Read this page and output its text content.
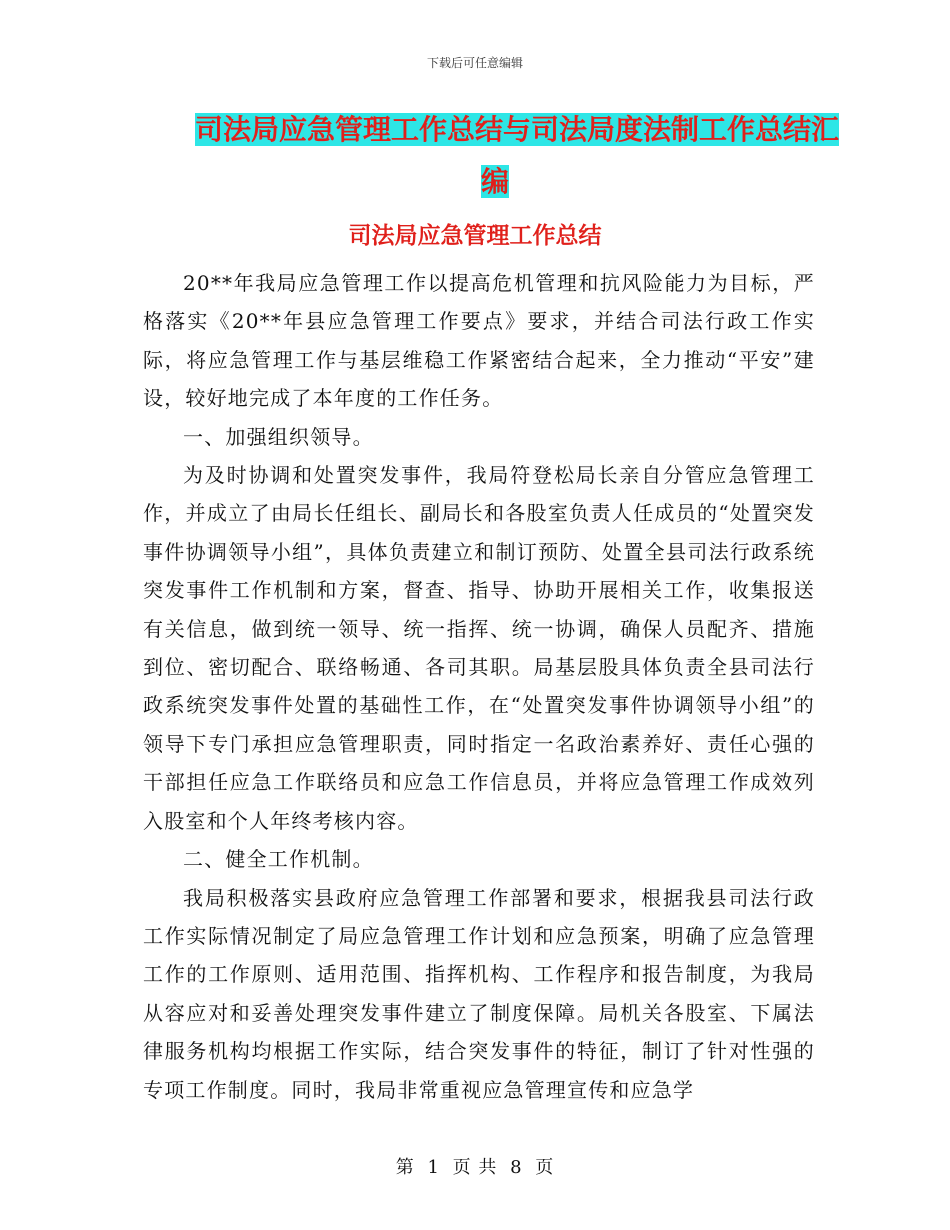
下载后可任意编辑
司法局应急管理工作总结与司法局度法制工作总结汇
编
司法局应急管理工作总结

20**年我局应急管理工作以提高危机管理和抗风险能力为目标，严格落实《20**年县应急管理工作要点》要求，并结合司法行政工作实际，将应急管理工作与基层维稳工作紧密结合起来，全力推动“平安”建设，较好地完成了本年度的工作任务。

一、加强组织领导。

为及时协调和处置突发事件，我局符登松局长亲自分管应急管理工作，并成立了由局长任组长、副局长和各股室负责人任成员的“处置突发事件协调领导小组”，具体负责建立和制订预防、处置全县司法行政系统突发事件工作机制和方案，督查、指导、协助开展相关工作，收集报送有关信息，做到统一领导、统一指挥、统一协调，确保人员配齐、措施到位、密切配合、联络畅通、各司其职。局基层股具体负责全县司法行政系统突发事件处置的基础性工作，在“处置突发事件协调领导小组”的领导下专门承担应急管理职责，同时指定一名政治素养好、责任心强的干部担任应急工作联络员和应急工作信息员，并将应急管理工作成效列入股室和个人年终考核内容。

二、健全工作机制。

我局积极落实县政府应急管理工作部署和要求，根据我县司法行政工作实际情况制定了局应急管理工作计划和应急预案，明确了应急管理工作的工作原则、适用范围、指挥机构、工作程序和报告制度，为我局从容应对和妥善处理突发事件建立了制度保障。局机关各股室、下属法律服务机构均根据工作实际，结合突发事件的特征，制订了针对性强的专项工作制度。同时，我局非常重视应急管理宣传和应急学

第 1 页 共 8 页
